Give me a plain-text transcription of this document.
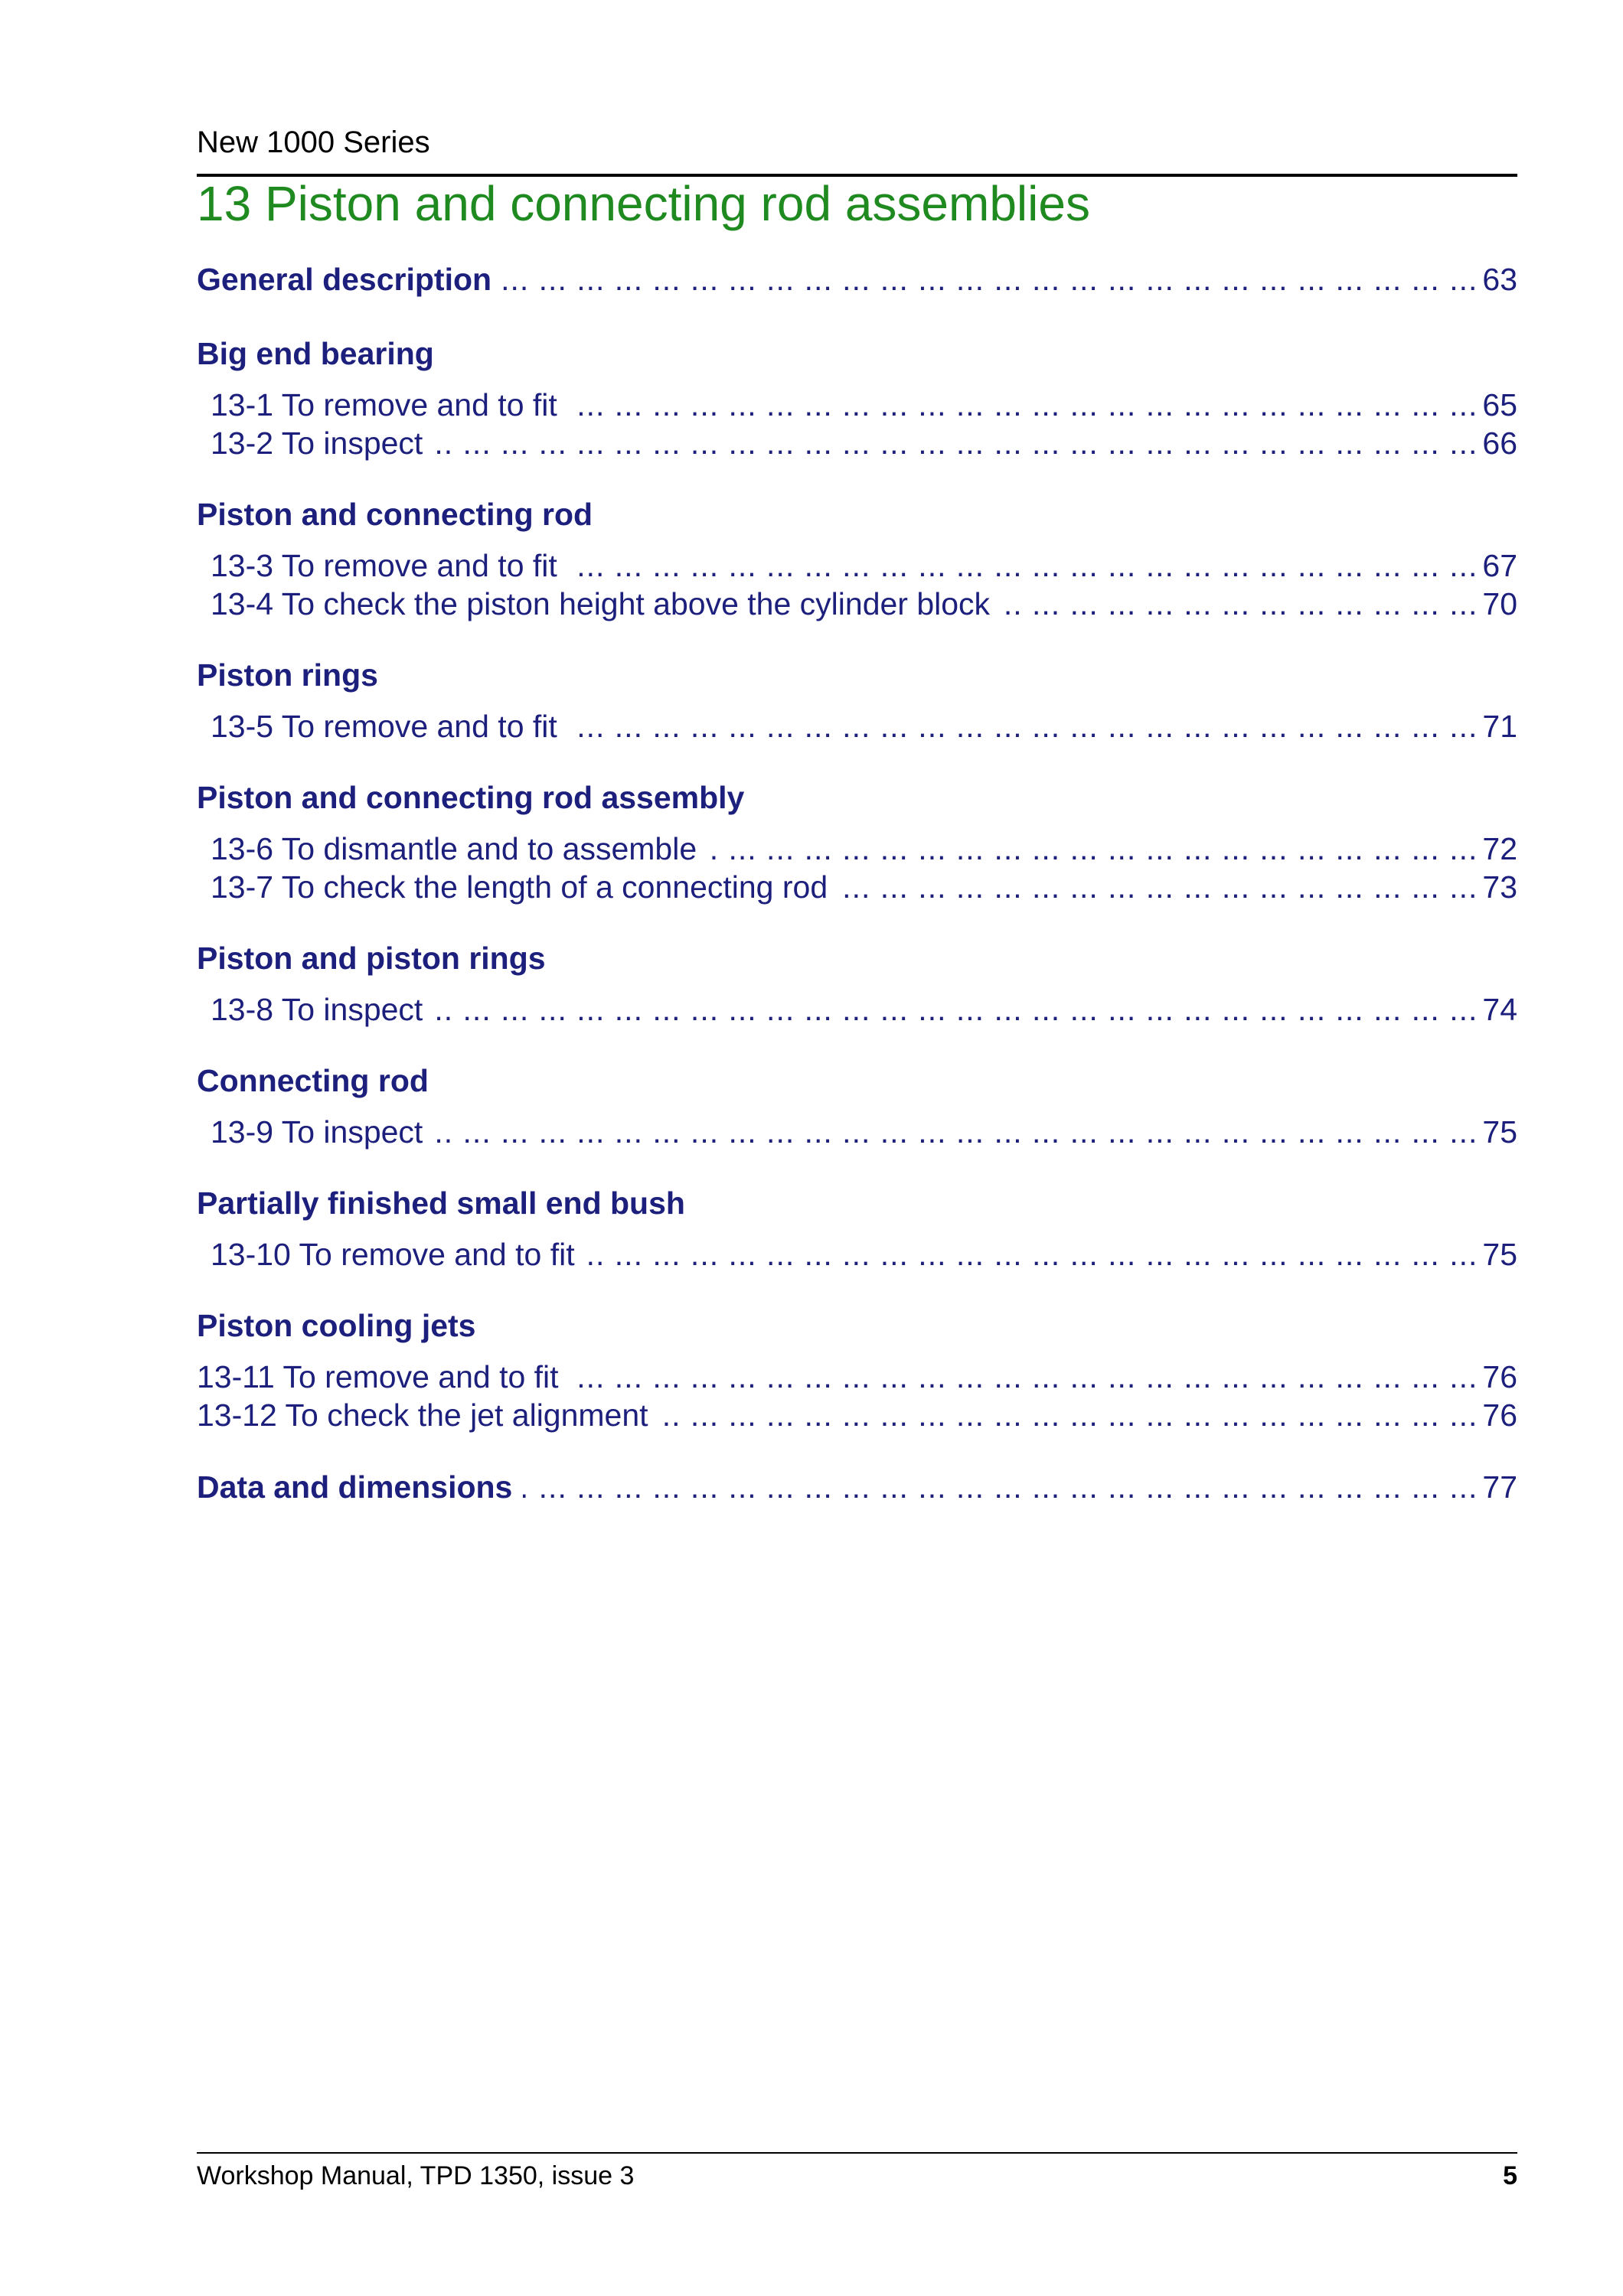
New 1000 Series
13 Piston and connecting rod assemblies
General description ... .	63
Big end bearing
13-1 To remove and to fit ... .	65
13-2 To inspect ... .	66
Piston and connecting rod
13-3 To remove and to fit ... .	67
13-4 To check the piston height above the cylinder block ... .	70
Piston rings
13-5 To remove and to fit ... .	71
Piston and connecting rod assembly
13-6 To dismantle and to assemble ... .	72
13-7 To check the length of a connecting rod ... .	73
Piston and piston rings
13-8 To inspect ... .	74
Connecting rod
13-9 To inspect ... .	75
Partially finished small end bush
13-10 To remove and to fit ... .	75
Piston cooling jets
13-11 To remove and to fit ... .	76
13-12 To check the jet alignment ... .	76
Data and dimensions ... .	77
Workshop Manual, TPD 1350, issue 3	5
